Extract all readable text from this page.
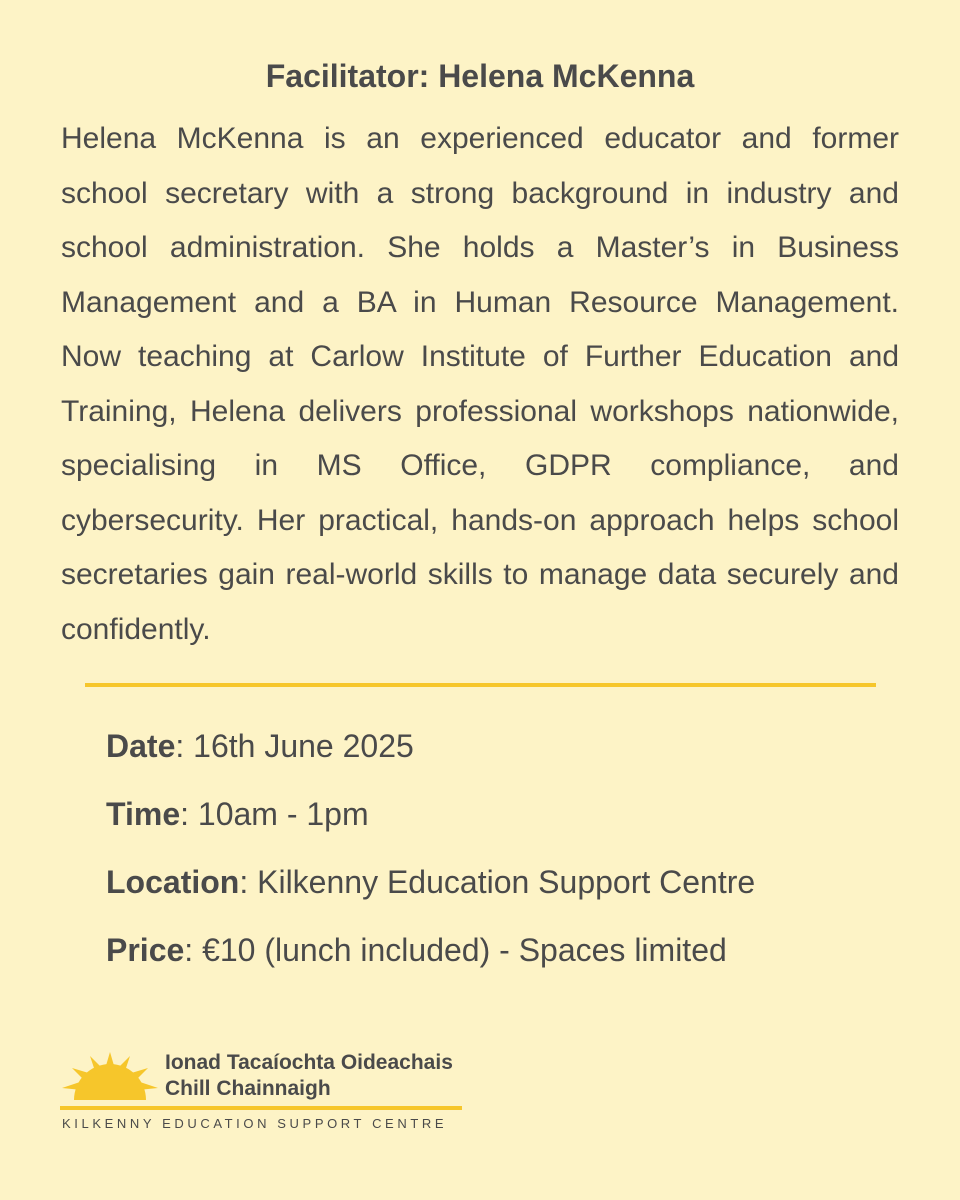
Facilitator: Helena McKenna

Helena McKenna is an experienced educator and former school secretary with a strong background in industry and school administration. She holds a Master’s in Business Management and a BA in Human Resource Management. Now teaching at Carlow Institute of Further Education and Training, Helena delivers professional workshops nationwide, specialising in MS Office, GDPR compliance, and cybersecurity. Her practical, hands-on approach helps school secretaries gain real-world skills to manage data securely and confidently.

Date: 16th June 2025
Time: 10am - 1pm
Location: Kilkenny Education Support Centre
Price: €10 (lunch included) - Spaces limited
Ionad Tacaíochta Oideachais
Chill Chainnaigh
KILKENNY EDUCATION SUPPORT CENTRE
